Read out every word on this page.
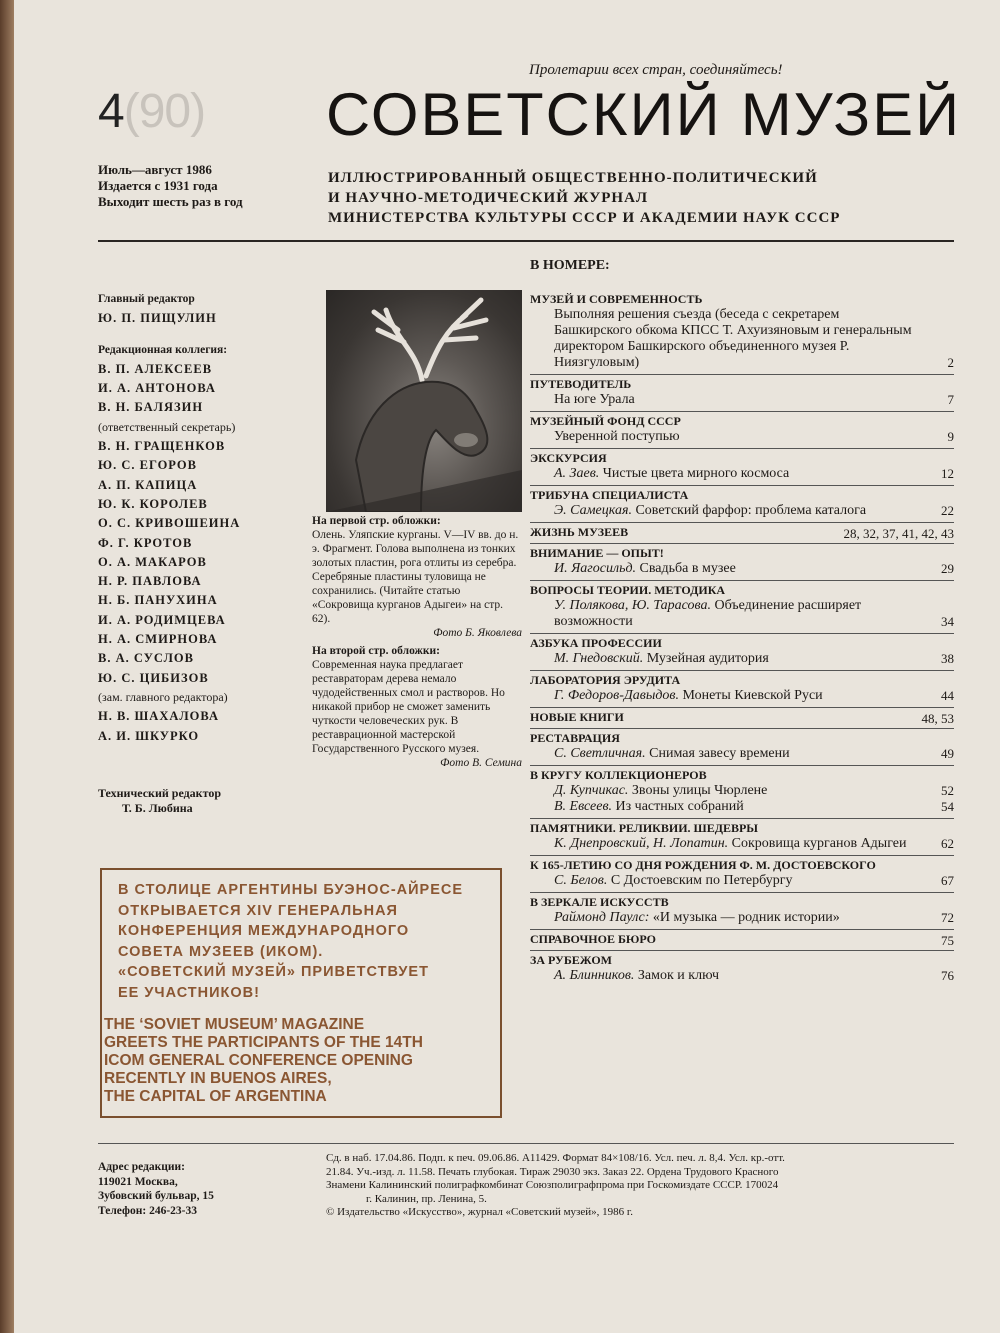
Пролетарии всех стран, соединяйтесь!
4(90) СОВЕТСКИЙ МУЗЕЙ
Июль—август 1986
Издается с 1931 года
Выходит шесть раз в год
ИЛЛЮСТРИРОВАННЫЙ ОБЩЕСТВЕННО-ПОЛИТИЧЕСКИЙ
И НАУЧНО-МЕТОДИЧЕСКИЙ ЖУРНАЛ
МИНИСТЕРСТВА КУЛЬТУРЫ СССР И АКАДЕМИИ НАУК СССР
В НОМЕРЕ:
Главный редактор
Ю. П. ПИЩУЛИН
Редакционная коллегия:
В. П. АЛЕКСЕЕВ
И. А. АНТОНОВА
В. Н. БАЛЯЗИН
(ответственный секретарь)
В. Н. ГРАЩЕНКОВ
Ю. С. ЕГОРОВ
А. П. КАПИЦА
Ю. К. КОРОЛЕВ
О. С. КРИВОШЕИНА
Ф. Г. КРОТОВ
О. А. МАКАРОВ
Н. Р. ПАВЛОВА
Н. Б. ПАНУХИНА
И. А. РОДИМЦЕВА
Н. А. СМИРНОВА
В. А. СУСЛОВ
Ю. С. ЦИБИЗОВ
(зам. главного редактора)
Н. В. ШАХАЛОВА
А. И. ШКУРКО
Технический редактор
Т. Б. Любина
На первой стр. обложки:
Олень. Уляпские курганы. V—IV вв. до н. э. Фрагмент. Голова выполнена из тонких золотых пластин, рога отлиты из серебра. Серебряные пластины туловища не сохранились. (Читайте статью «Сокровища курганов Адыгеи» на стр. 62).
Фото Б. Яковлева
На второй стр. обложки:
Современная наука предлагает реставраторам дерева немало чудодейственных смол и растворов. Но никакой прибор не сможет заменить чуткости человеческих рук. В реставрационной мастерской Государственного Русского музея.
Фото В. Семина
МУЗЕЙ И СОВРЕМЕННОСТЬ
Выполняя решения съезда (беседа с секретарем Башкирского обкома КПСС Т. Ахуизяновым и генеральным директором Башкирского объединенного музея Р. Ниязгуловым)	2
ПУТЕВОДИТЕЛЬ
На юге Урала	7
МУЗЕЙНЫЙ ФОНД СССР
Уверенной поступью	9
ЭКСКУРСИЯ
А. Заев. Чистые цвета мирного космоса	12
ТРИБУНА СПЕЦИАЛИСТА
Э. Самецкая. Советский фарфор: проблема каталога	22
ЖИЗНЬ МУЗЕЕВ	28, 32, 37, 41, 42, 43
ВНИМАНИЕ — ОПЫТ!
И. Яагосильд. Свадьба в музее	29
ВОПРОСЫ ТЕОРИИ. МЕТОДИКА
У. Полякова, Ю. Тарасова. Объединение расширяет возможности	34
АЗБУКА ПРОФЕССИИ
М. Гнедовский. Музейная аудитория	38
ЛАБОРАТОРИЯ ЭРУДИТА
Г. Федоров-Давыдов. Монеты Киевской Руси	44
НОВЫЕ КНИГИ	48, 53
РЕСТАВРАЦИЯ
С. Светличная. Снимая завесу времени	49
В КРУГУ КОЛЛЕКЦИОНЕРОВ
Д. Купчикас. Звоны улицы Чюрлене	52
В. Евсеев. Из частных собраний	54
ПАМЯТНИКИ. РЕЛИКВИИ. ШЕДЕВРЫ
К. Днепровский, Н. Лопатин. Сокровища курганов Адыгеи	62
К 165-ЛЕТИЮ СО ДНЯ РОЖДЕНИЯ Ф. М. ДОСТОЕВСКОГО
С. Белов. С Достоевским по Петербургу	67
В ЗЕРКАЛЕ ИСКУССТВ
Раймонд Паулс: «И музыка — родник истории»	72
СПРАВОЧНОЕ БЮРО	75
ЗА РУБЕЖОМ
А. Блинников. Замок и ключ	76
В СТОЛИЦЕ АРГЕНТИНЫ БУЭНОС-АЙРЕСЕ
ОТКРЫВАЕТСЯ XIV ГЕНЕРАЛЬНАЯ
КОНФЕРЕНЦИЯ МЕЖДУНАРОДНОГО
СОВЕТА МУЗЕЕВ (ИКОМ).
«СОВЕТСКИЙ МУЗЕЙ» ПРИВЕТСТВУЕТ
ЕЕ УЧАСТНИКОВ!
THE ‘SOVIET MUSEUM’ MAGAZINE
GREETS THE PARTICIPANTS OF THE 14TH
ICOM GENERAL CONFERENCE OPENING
RECENTLY IN BUENOS AIRES,
THE CAPITAL OF ARGENTINA
Адрес редакции:
119021 Москва,
Зубовский бульвар, 15
Телефон: 246-23-33
Сд. в наб. 17.04.86. Подп. к печ. 09.06.86. А11429. Формат 84×108/16. Усл. печ. л. 8,4. Усл. кр.-отт.
21.84. Уч.-изд. л. 11.58. Печать глубокая. Тираж 29030 экз. Заказ 22. Ордена Трудового Красного
Знамени Калининский полиграфкомбинат Союзполиграфпрома при Госкомиздате СССР. 170024
г. Калинин, пр. Ленина, 5.
© Издательство «Искусство», журнал «Советский музей», 1986 г.
